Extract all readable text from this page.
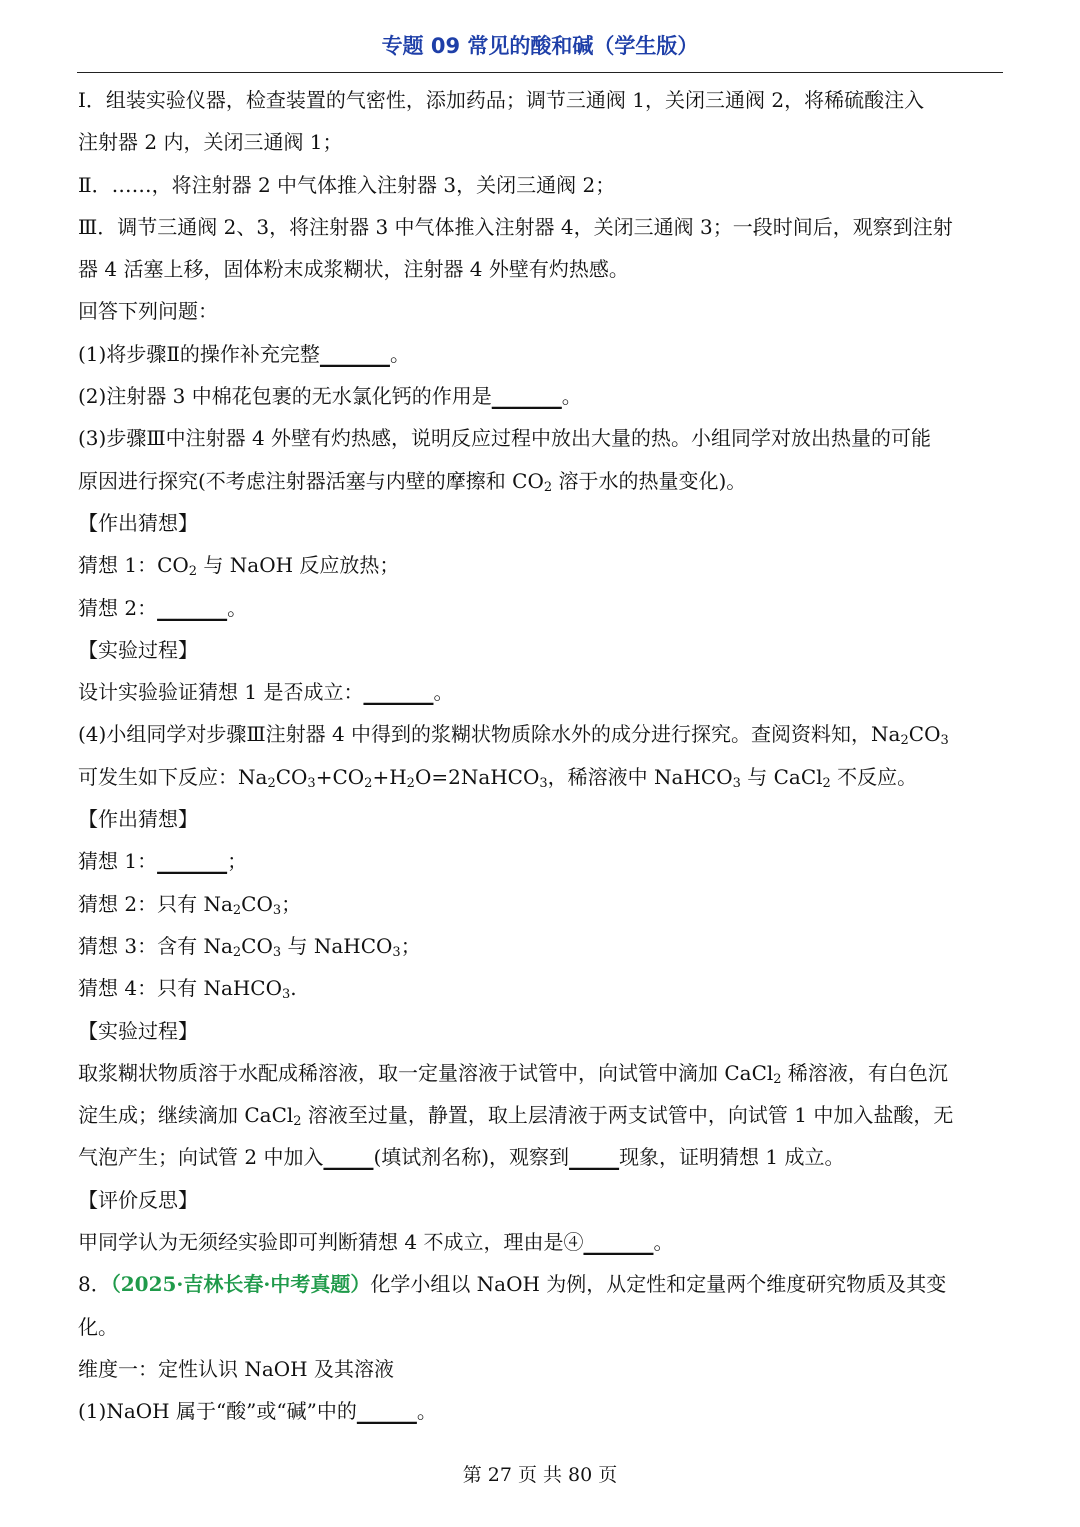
专题 09 常见的酸和碱（学生版）
Ⅰ．组装实验仪器，检查装置的气密性，添加药品；调节三通阀 1，关闭三通阀 2，将稀硫酸注入
注射器 2 内，关闭三通阀 1；
Ⅱ．……，将注射器 2 中气体推入注射器 3，关闭三通阀 2；
Ⅲ．调节三通阀 2、3，将注射器 3 中气体推入注射器 4，关闭三通阀 3；一段时间后，观察到注射
器 4 活塞上移，固体粉末成浆糊状，注射器 4 外壁有灼热感。
回答下列问题：
(1)将步骤Ⅱ的操作补充完整_______。
(2)注射器 3 中棉花包裹的无水氯化钙的作用是_______。
(3)步骤Ⅲ中注射器 4 外壁有灼热感，说明反应过程中放出大量的热。小组同学对放出热量的可能
原因进行探究(不考虑注射器活塞与内壁的摩擦和 $CO_2$ 溶于水的热量变化)。
【作出猜想】
猜想 1：$CO_2$ 与 NaOH 反应放热；
猜想 2：_______。
【实验过程】
设计实验验证猜想 1 是否成立：_______。
(4)小组同学对步骤Ⅲ注射器 4 中得到的浆糊状物质除水外的成分进行探究。查阅资料知，$Na_2CO_3$
可发生如下反应：$Na_2CO_3+CO_2+H_2O=2NaHCO_3$，稀溶液中 NaHCO$_3$ 与 CaCl$_2$ 不反应。
【作出猜想】
猜想 1：_______；
猜想 2：只有 $Na_2CO_3$；
猜想 3：含有 $Na_2CO_3$ 与 NaHCO$_3$；
猜想 4：只有 NaHCO$_3$.
【实验过程】
取浆糊状物质溶于水配成稀溶液，取一定量溶液于试管中，向试管中滴加 CaCl$_2$ 稀溶液，有白色沉
淀生成；继续滴加 CaCl$_2$ 溶液至过量，静置，取上层清液于两支试管中，向试管 1 中加入盐酸，无
气泡产生；向试管 2 中加入_____(填试剂名称)，观察到_____现象，证明猜想 1 成立。
【评价反思】
甲同学认为无须经实验即可判断猜想 4 不成立，理由是④_______。
8．（2025·吉林长春·中考真题）化学小组以 NaOH 为例，从定性和定量两个维度研究物质及其变
化。
维度一：定性认识 NaOH 及其溶液
(1)NaOH 属于“酸”或“碱”中的______。
第 27 页 共 80 页
